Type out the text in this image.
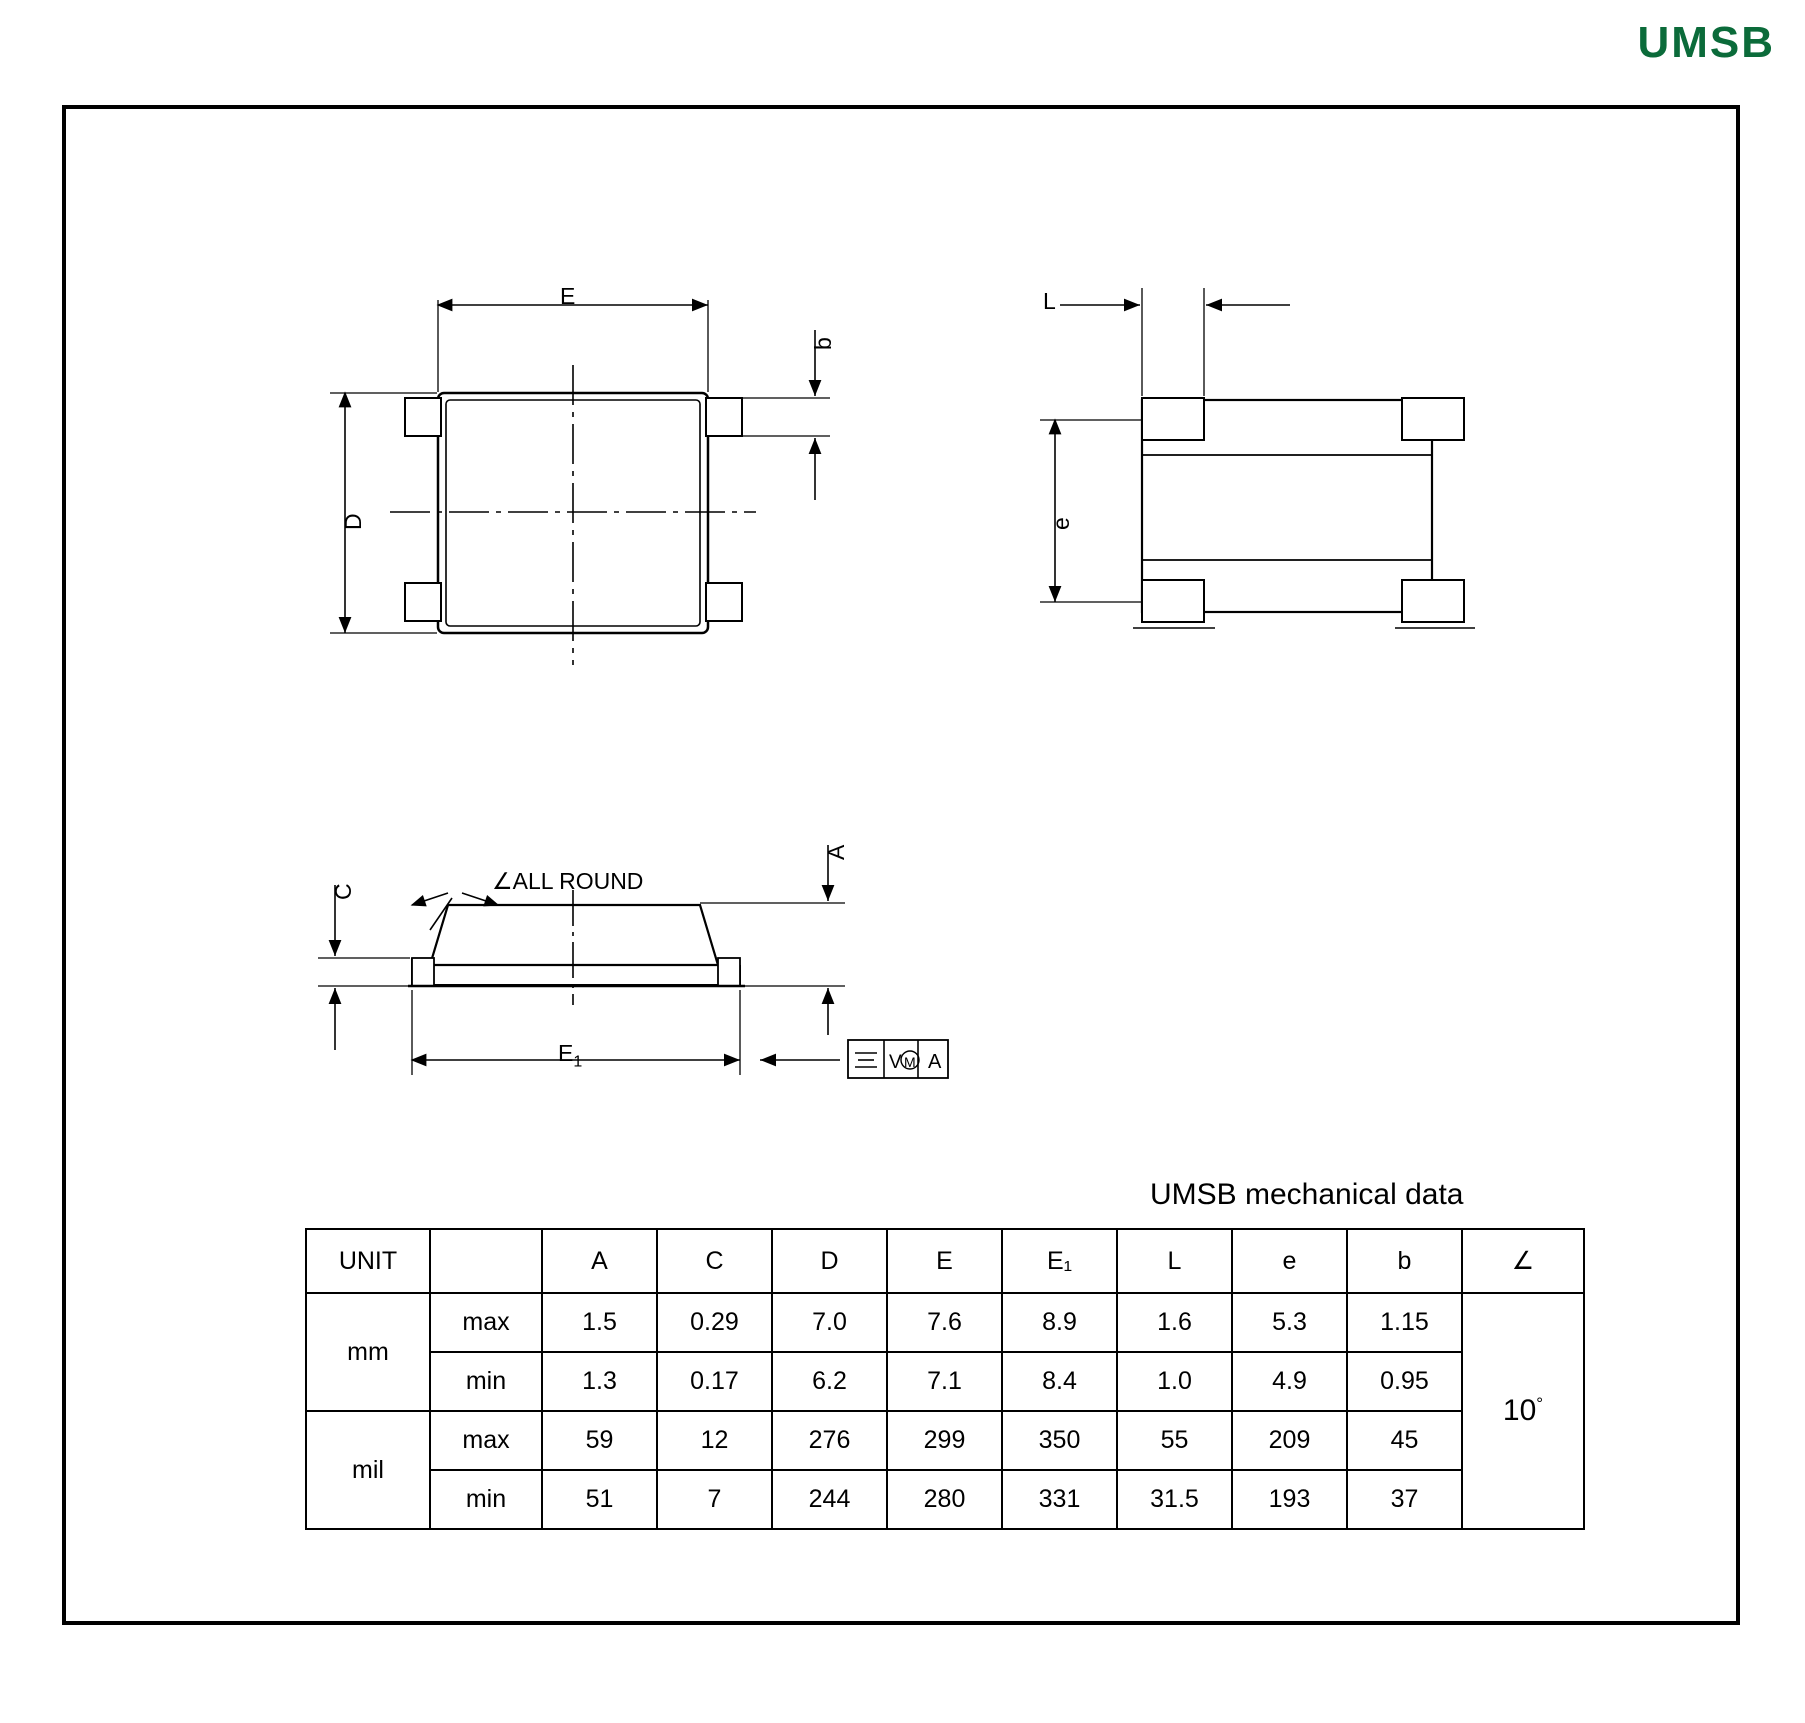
UMSB
V M A
E
D
b
L
e
C
A
$E_1$
∠ALL ROUND
UMSB mechanical data
UNIT		A	C	D	E	E₁	L	e	b	∠
mm	max	1.5	0.29	7.0	7.6	8.9	1.6	5.3	1.15	10°
	min	1.3	0.17	6.2	7.1	8.4	1.0	4.9	0.95	
mil	max	59	12	276	299	350	55	209	45	
	min	51	7	244	280	331	31.5	193	37	
